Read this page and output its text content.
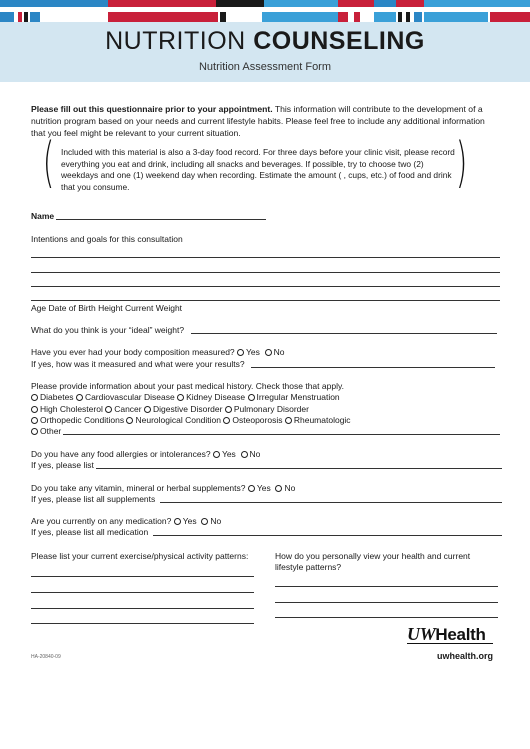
NUTRITION COUNSELING
Nutrition Assessment Form
Please fill out this questionnaire prior to your appointment. This information will contribute to the development of a nutrition program based on your needs and current lifestyle habits. Please feel free to include any additional information that you feel might be relevant to your current situation.
(	)
Included with this material is also a 3-day food record. For three days before your clinic visit, please record everything you eat and drink, including all snacks and beverages. If possible, try to choose two (2) weekdays and one (1) weekend day when recording. Estimate the amount ( , cups, etc.) of food and drink that you consume.
Name
Intentions and goals for this consultation
Age Date of Birth Height Current Weight
What do you think is your “ideal” weight?
Have you ever had your body composition measured? Yes No
If yes, how was it measured and what were your results?
Please provide information about your past medical history. Check those that apply.
Diabetes Cardiovascular Disease Kidney Disease Irregular Menstruation
High Cholesterol Cancer Digestive Disorder Pulmonary Disorder
Orthopedic Conditions Neurological Condition Osteoporosis Rheumatologic
Other
Do you have any food allergies or intolerances? Yes No
If yes, please list
Do you take any vitamin, mineral or herbal supplements? Yes No
If yes, please list all supplements
Are you currently on any medication? Yes No
If yes, please list all medication
Please list your current exercise/physical activity patterns:	How do you personally view your health and current lifestyle patterns?
UWHealth
uwhealth.org
HA-20840-09
